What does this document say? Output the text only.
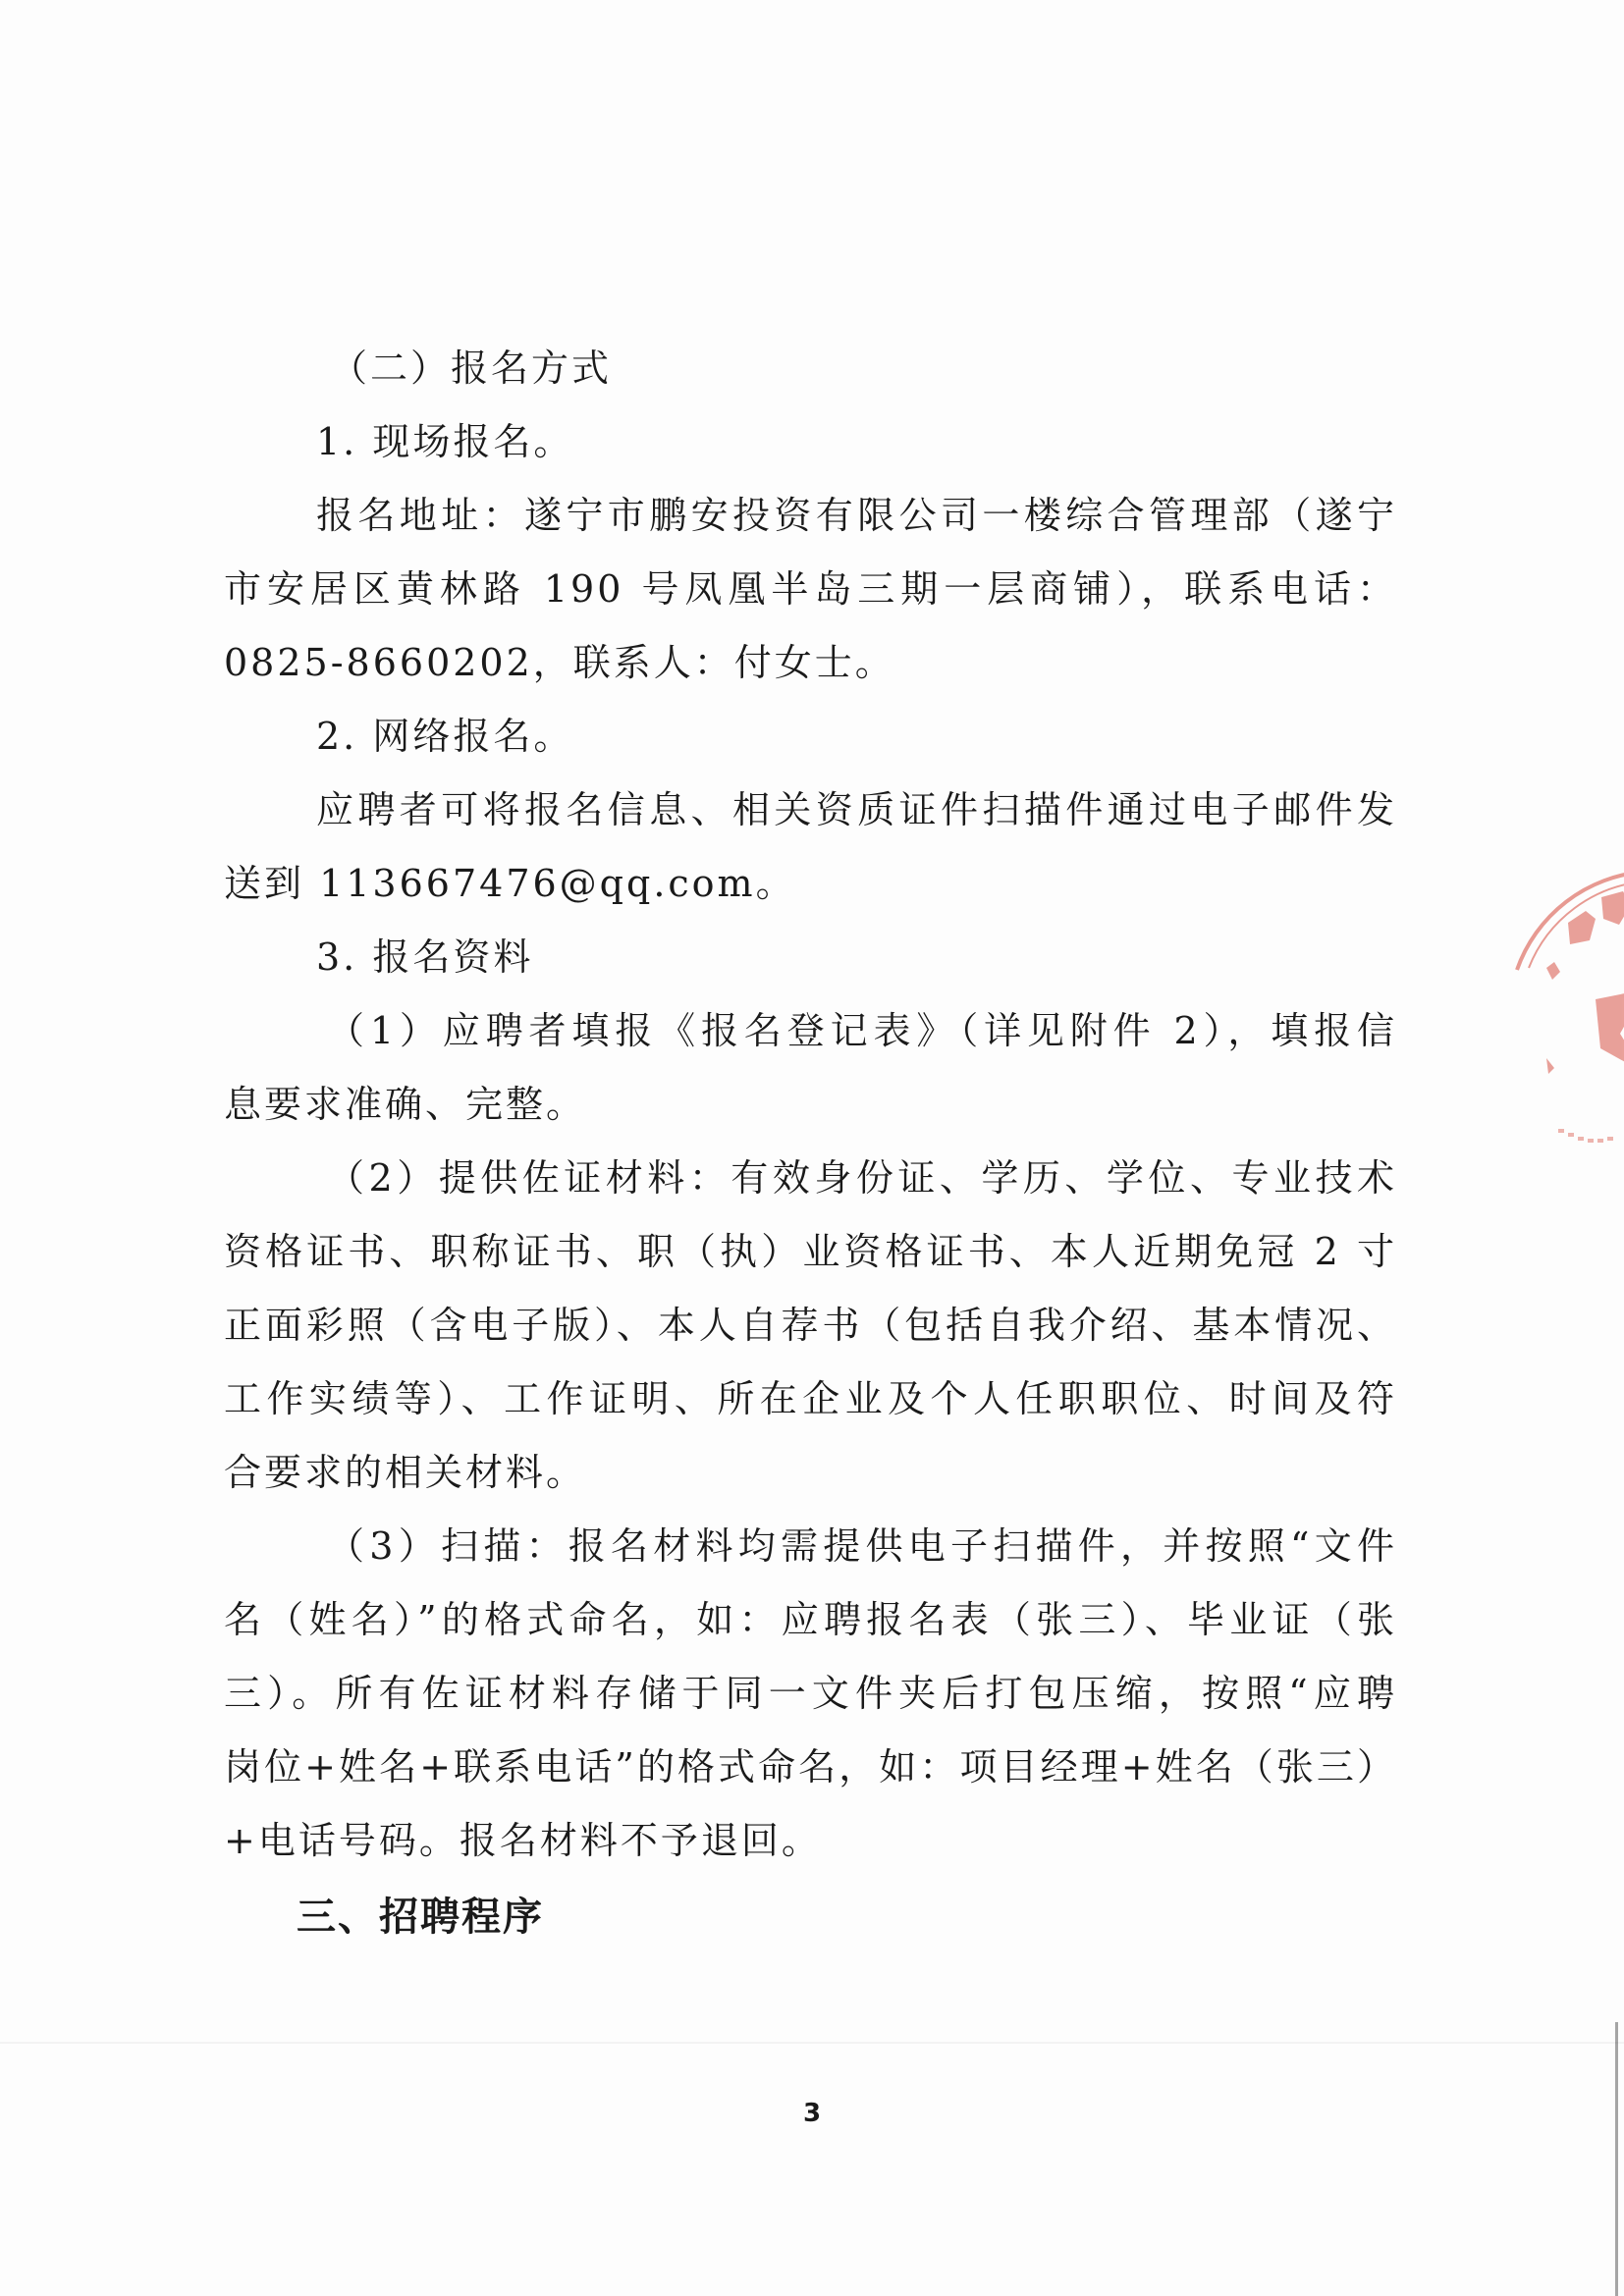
（二）报名方式
1. 现场报名。
报名地址：遂宁市鹏安投资有限公司一楼综合管理部（遂宁
市安居区黄林路 190 号凤凰半岛三期一层商铺），联系电话：
0825-8660202，联系人：付女士。
2. 网络报名。
应聘者可将报名信息、相关资质证件扫描件通过电子邮件发
送到 113667476@qq.com。
3. 报名资料
（1）应聘者填报《报名登记表》（详见附件 2），填报信
息要求准确、完整。
（2）提供佐证材料：有效身份证、学历、学位、专业技术
资格证书、职称证书、职（执）业资格证书、本人近期免冠 2 寸
正面彩照（含电子版）、本人自荐书（包括自我介绍、基本情况、
工作实绩等）、工作证明、所在企业及个人任职职位、时间及符
合要求的相关材料。
（3）扫描：报名材料均需提供电子扫描件，并按照“文件
名（姓名）”的格式命名，如：应聘报名表（张三）、毕业证（张
三）。所有佐证材料存储于同一文件夹后打包压缩，按照“应聘
岗位+姓名+联系电话”的格式命名，如：项目经理+姓名（张三）
+电话号码。报名材料不予退回。
三、招聘程序
3
